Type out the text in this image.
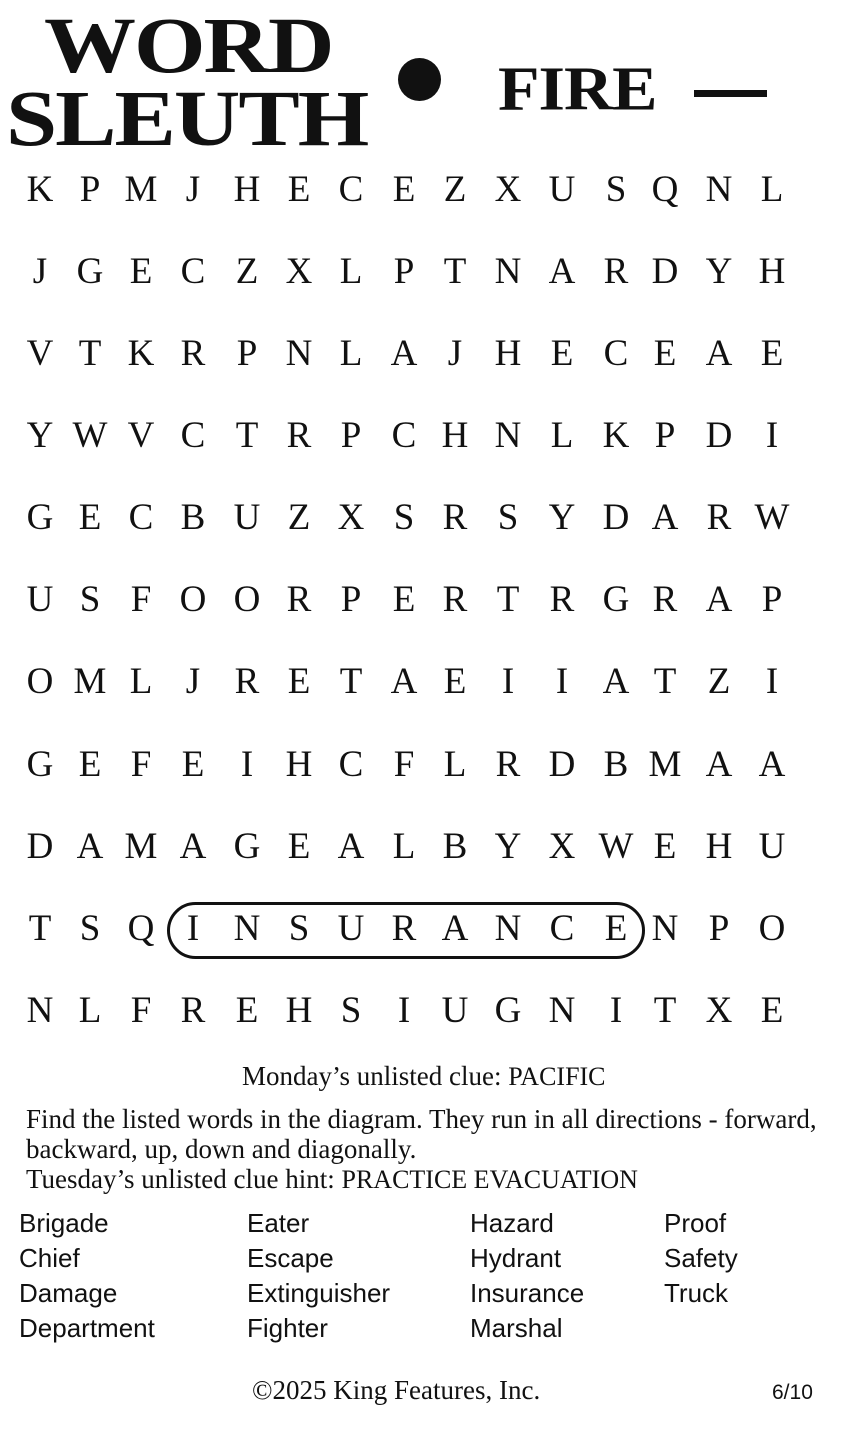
WORD
SLEUTH FIRE
K P M J H E C E Z X U S Q N L
J G E C Z X L P T N A R D Y H
V T K R P N L A J H E C E A E
Y W V C T R P C H N L K P D I
G E C B U Z X S R S Y D A R W
U S F O O R P E R T R G R A P
O M L J R E T A E I	I A T Z I
G E F E I H C F L R D B M A A
D A M A G E A L B Y X W E H U
T S Q I N S U R A N C E N P O
N L F R E H S I U G N I T X E
Monday’s unlisted clue: PACIFIC
Find the listed words in the diagram. They run in all directions - forward, backward, up, down and diagonally.
Tuesday’s unlisted clue hint: PRACTICE EVACUATION
Brigade
Chief
Damage
Department
Eater
Escape
Extinguisher
Fighter
Hazard
Hydrant
Insurance
Marshal
Proof
Safety
Truck
©2025 King Features, Inc.	6/10
